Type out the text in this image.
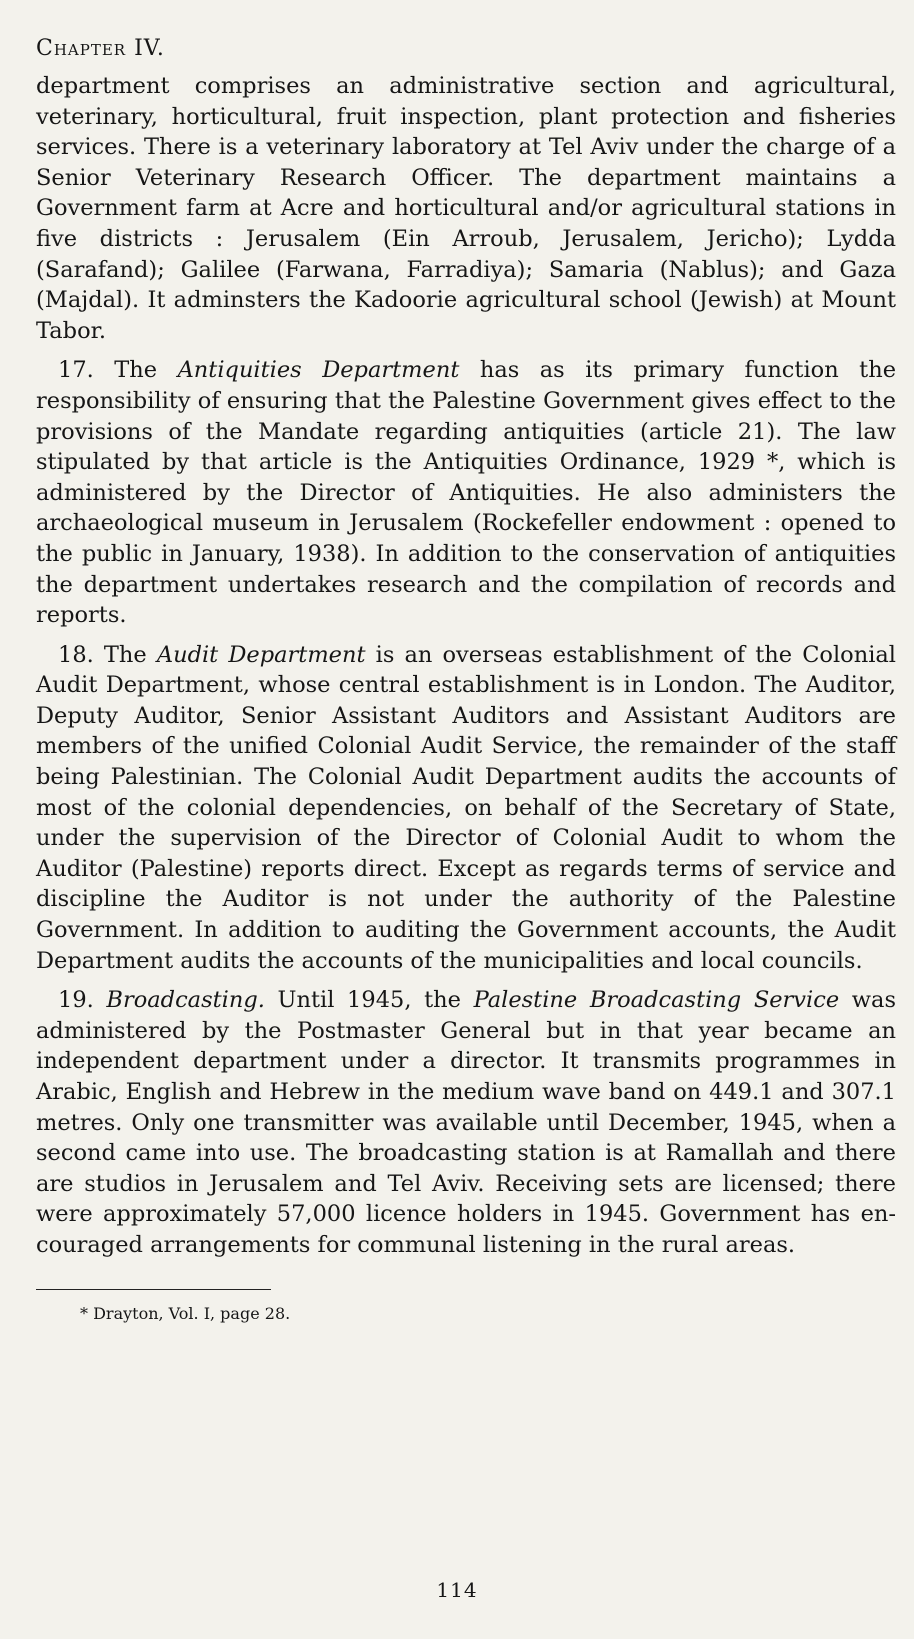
Chapter IV.

department comprises an administrative section and agricultural, veterinary, horticultural, fruit inspection, plant protection and fisheries services. There is a veterinary laboratory at Tel Aviv under the charge of a Senior Veterinary Research Officer. The department maintains a Government farm at Acre and horticultural and/or agricultural stations in five districts : Jerusalem (Ein Arroub, Jerusalem, Jericho); Lydda (Sarafand); Galilee (Farwana, Farradiya); Samaria (Nablus); and Gaza (Majdal). It adminsters the Kadoorie agricultural school (Jewish) at Mount Tabor.

17. The Antiquities Department has as its primary function the responsibility of ensuring that the Palestine Government gives effect to the provisions of the Mandate regarding antiquities (article 21). The law stipulated by that article is the Antiquities Ordinance, 1929 *, which is administered by the Director of Antiquities. He also administers the archaeological museum in Jerusalem (Rockefeller endowment : opened to the public in January, 1938). In addition to the conservation of antiquities the department undertakes research and the compilation of records and reports.

18. The Audit Department is an overseas establishment of the Colonial Audit Department, whose central establishment is in London. The Auditor, Deputy Auditor, Senior Assistant Auditors and Assistant Auditors are members of the unified Colonial Audit Service, the remainder of the staff being Palestinian. The Colonial Audit Department audits the accounts of most of the colonial dependencies, on behalf of the Secretary of State, under the supervision of the Director of Colonial Audit to whom the Auditor (Palestine) reports direct. Except as regards terms of service and discipline the Auditor is not under the authority of the Palestine Government. In addition to auditing the Government accounts, the Audit Department audits the accounts of the municipalities and local councils.

19. Broadcasting. Until 1945, the Palestine Broadcasting Service was administered by the Postmaster General but in that year became an independent department under a director. It transmits programmes in Arabic, English and Hebrew in the medium wave band on 449.1 and 307.1 metres. Only one transmitter was available until December, 1945, when a second came into use. The broadcasting station is at Ramallah and there are studios in Jerusalem and Tel Aviv. Receiving sets are licensed; there were approximately 57,000 licence holders in 1945. Government has encouraged arrangements for communal listening in the rural areas.

* Drayton, Vol. I, page 28.
114
